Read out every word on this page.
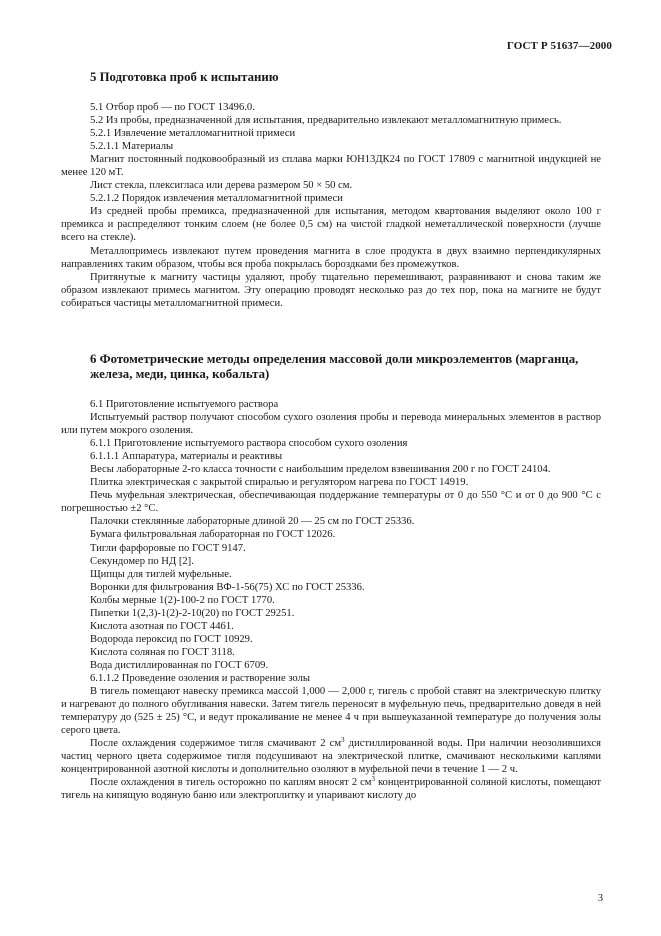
ГОСТ Р 51637—2000

5 Подготовка проб к испытанию

5.1 Отбор проб — по ГОСТ 13496.0.

5.2 Из пробы, предназначенной для испытания, предварительно извлекают металломагнитную примесь.

5.2.1 Извлечение металломагнитной примеси

5.2.1.1 Материалы

Магнит постоянный подковообразный из сплава марки ЮН13ДК24 по ГОСТ 17809 с магнитной индукцией не менее 120 мТ.

Лист стекла, плексигласа или дерева размером 50 × 50 см.

5.2.1.2 Порядок извлечения металломагнитной примеси

Из средней пробы премикса, предназначенной для испытания, методом квартования выделяют около 100 г премикса и распределяют тонким слоем (не более 0,5 см) на чистой гладкой неметаллической поверхности (лучше всего на стекле).

Металлопримесь извлекают путем проведения магнита в слое продукта в двух взаимно перпендикулярных направлениях таким образом, чтобы вся проба покрылась бороздками без промежутков.

Притянутые к магниту частицы удаляют, пробу тщательно перемешивают, разравнивают и снова таким же образом извлекают примесь магнитом. Эту операцию проводят несколько раз до тех пор, пока на магните не будут собираться частицы металломагнитной примеси.

6 Фотометрические методы определения массовой доли микроэлементов (марганца, железа, меди, цинка, кобальта)

6.1 Приготовление испытуемого раствора

Испытуемый раствор получают способом сухого озоления пробы и перевода минеральных элементов в раствор или путем мокрого озоления.

6.1.1 Приготовление испытуемого раствора способом сухого озоления

6.1.1.1 Аппаратура, материалы и реактивы

Весы лабораторные 2-го класса точности с наибольшим пределом взвешивания 200 г по ГОСТ 24104.

Плитка электрическая с закрытой спиралью и регулятором нагрева по ГОСТ 14919.

Печь муфельная электрическая, обеспечивающая поддержание температуры от 0 до 550 °С и от 0 до 900 °С с погрешностью ±2 °С.

Палочки стеклянные лабораторные длиной 20 — 25 см по ГОСТ 25336.

Бумага фильтровальная лабораторная по ГОСТ 12026.

Тигли фарфоровые по ГОСТ 9147.

Секундомер по НД [2].

Щипцы для тиглей муфельные.

Воронки для фильтрования ВФ-1-56(75) ХС по ГОСТ 25336.

Колбы мерные 1(2)-100-2 по ГОСТ 1770.

Пипетки 1(2,3)-1(2)-2-10(20) по ГОСТ 29251.

Кислота азотная по ГОСТ 4461.

Водорода пероксид по ГОСТ 10929.

Кислота соляная по ГОСТ 3118.

Вода дистиллированная по ГОСТ 6709.

6.1.1.2 Проведение озоления и растворение золы

В тигель помещают навеску премикса массой 1,000 — 2,000 г, тигель с пробой ставят на электрическую плитку и нагревают до полного обугливания навески. Затем тигель переносят в муфельную печь, предварительно доведя в ней температуру до (525 ± 25) °С, и ведут прокаливание не менее 4 ч при вышеуказанной температуре до получения золы серого цвета.

После охлаждения содержимое тигля смачивают 2 $см^3$ дистиллированной воды. При наличии неозолившихся частиц черного цвета содержимое тигля подсушивают на электрической плитке, смачивают несколькими каплями концентрированной азотной кислоты и дополнительно озоляют в муфельной печи в течение 1 — 2 ч.

После охлаждения в тигель осторожно по каплям вносят 2 $см^3$ концентрированной соляной кислоты, помещают тигель на кипящую водяную баню или электроплитку и упаривают кислоту до

3
